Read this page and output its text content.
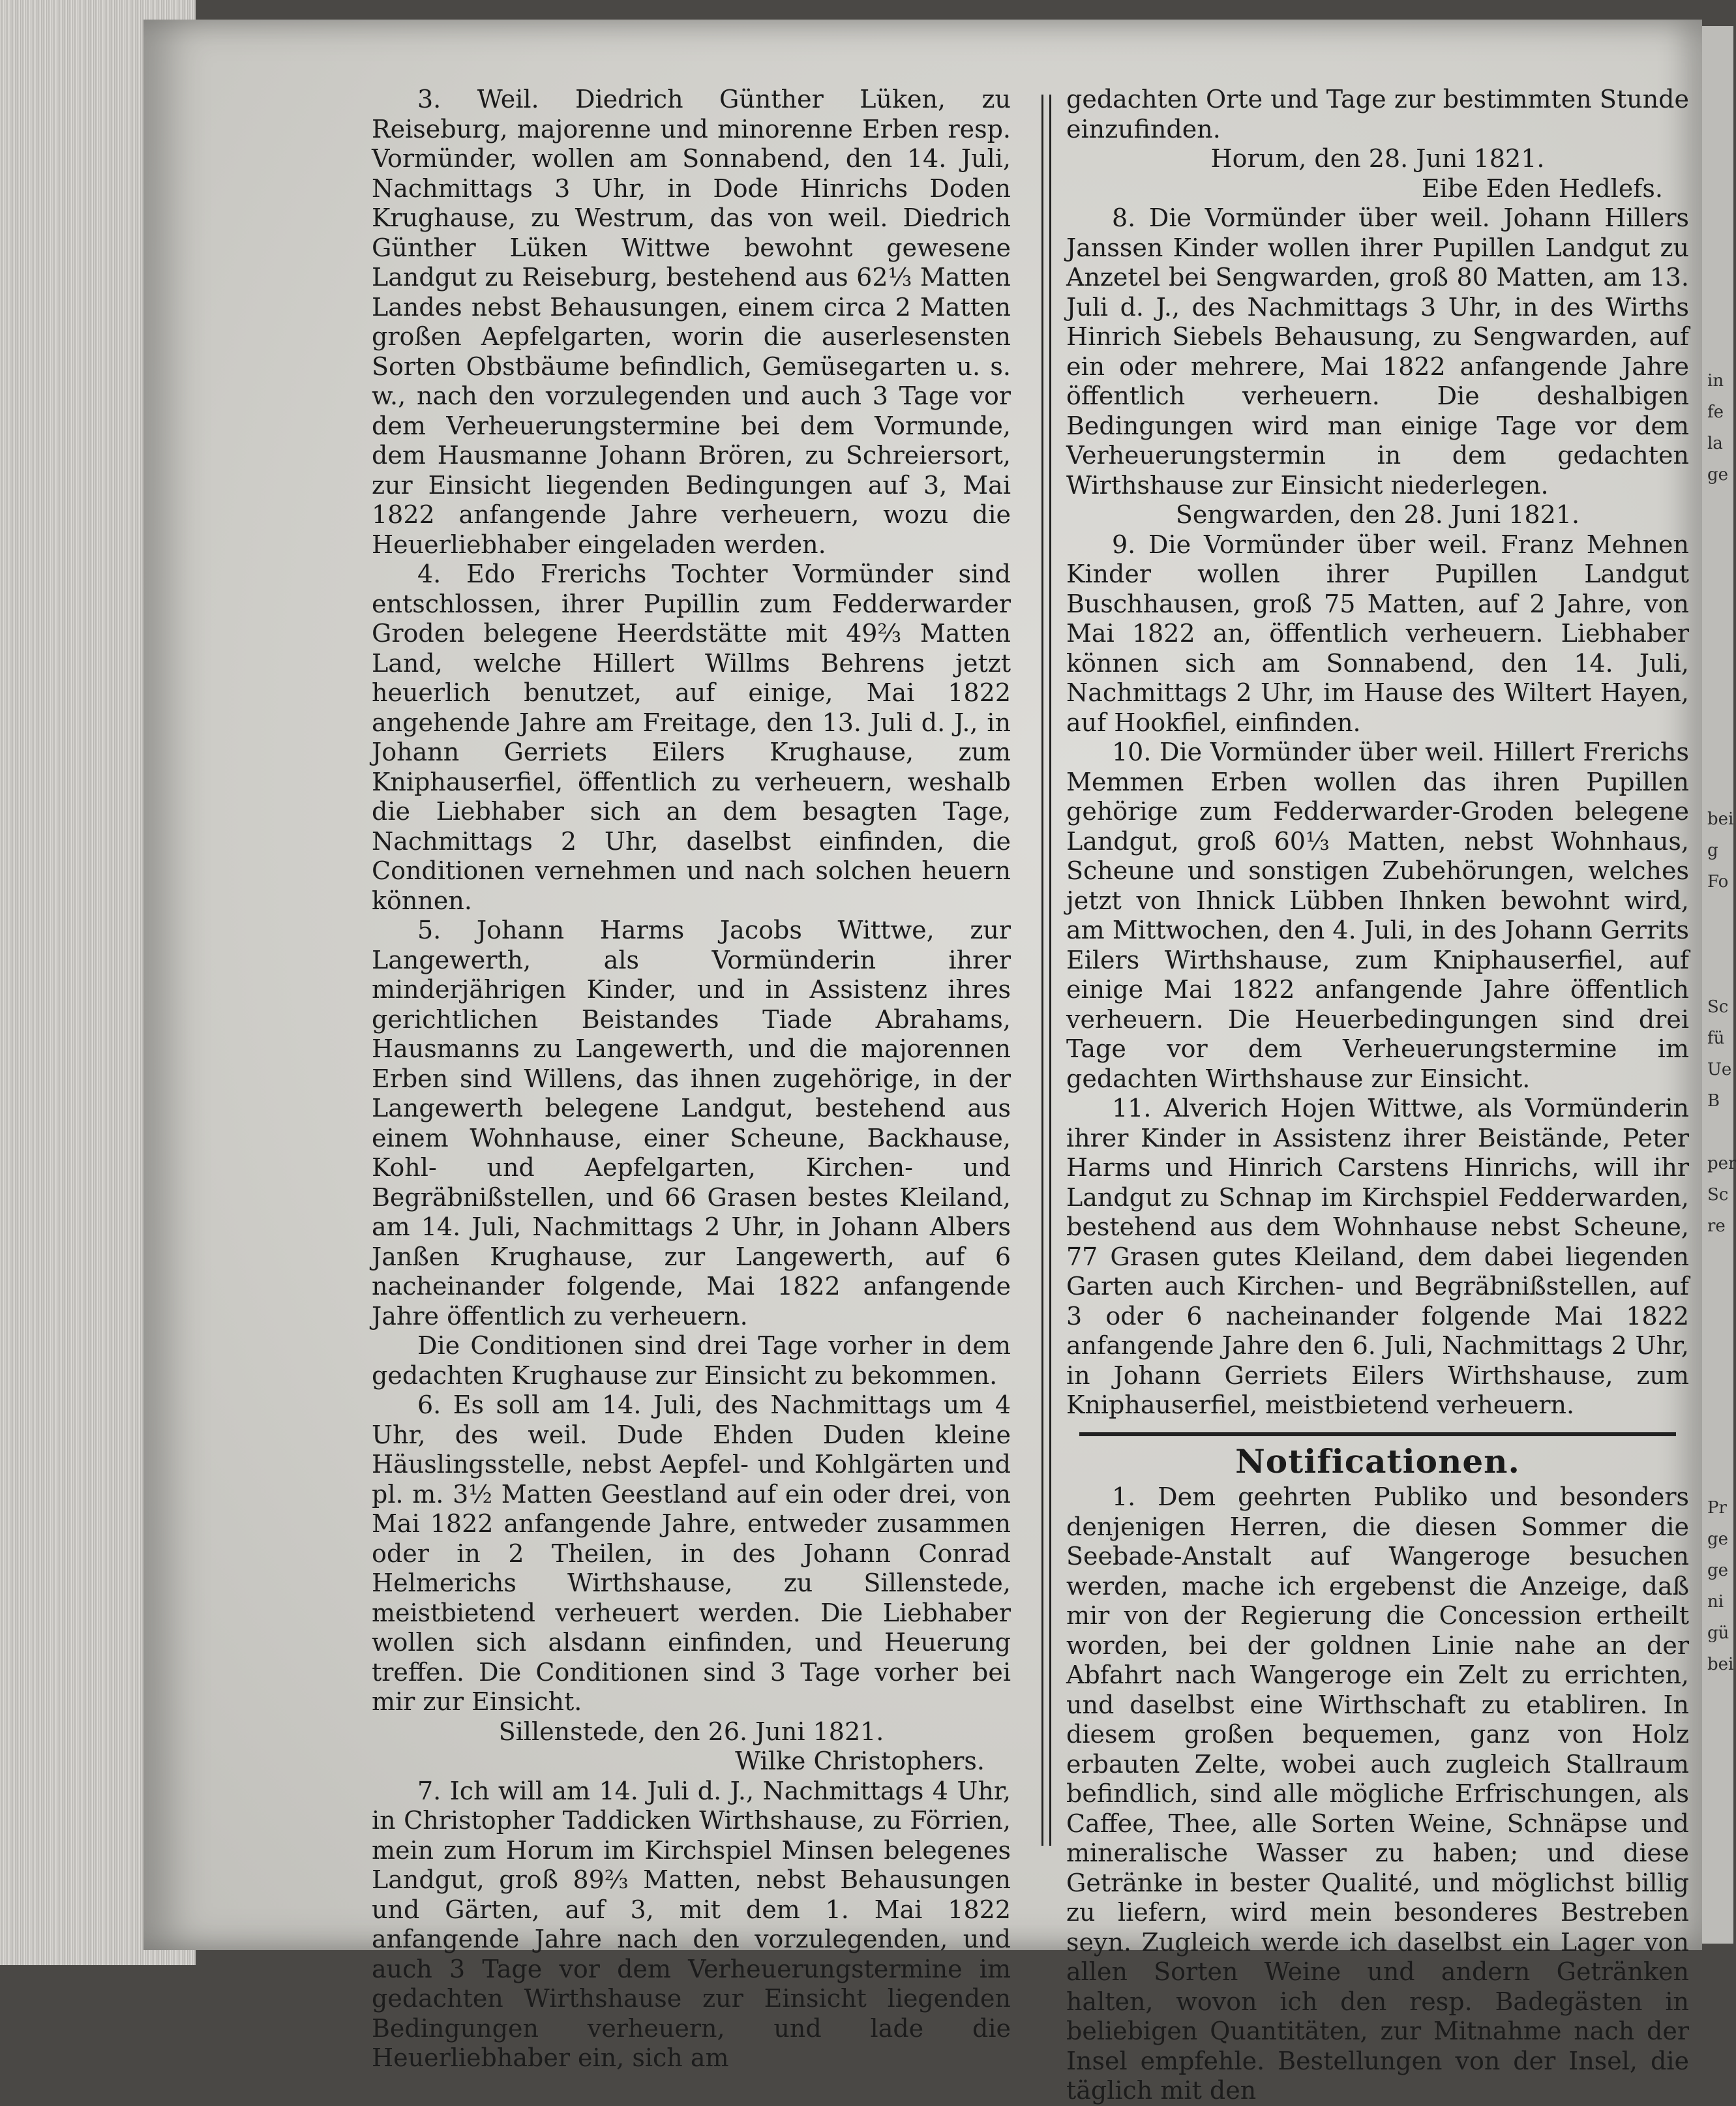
3. Weil. Diedrich Günther Lüken, zu Reiseburg, majorenne und minorenne Erben resp. Vormünder, wollen am Sonnabend, den 14. Juli, Nachmittags 3 Uhr, in Dode Hinrichs Doden Krughause, zu Westrum, das von weil. Diedrich Günther Lüken Wittwe bewohnt gewesene Landgut zu Reiseburg, bestehend aus 62⅓ Matten Landes nebst Behausungen, einem circa 2 Matten großen Aepfelgarten, worin die auserlesensten Sorten Obstbäume befindlich, Gemüsegarten u. s. w., nach den vorzulegenden und auch 3 Tage vor dem Verheuerungstermine bei dem Vormunde, dem Hausmanne Johann Brören, zu Schreiersort, zur Einsicht liegenden Bedingungen auf 3, Mai 1822 anfangende Jahre verheuern, wozu die Heuerliebhaber eingeladen werden.

4. Edo Frerichs Tochter Vormünder sind entschlossen, ihrer Pupillin zum Fedderwarder Groden belegene Heerdstätte mit 49⅔ Matten Land, welche Hillert Willms Behrens jetzt heuerlich benutzet, auf einige, Mai 1822 angehende Jahre am Freitage, den 13. Juli d. J., in Johann Gerriets Eilers Krughause, zum Kniphauserfiel, öffentlich zu verheuern, weshalb die Liebhaber sich an dem besagten Tage, Nachmittags 2 Uhr, daselbst einfinden, die Conditionen vernehmen und nach solchen heuern können.

5. Johann Harms Jacobs Wittwe, zur Langewerth, als Vormünderin ihrer minderjährigen Kinder, und in Assistenz ihres gerichtlichen Beistandes Tiade Abrahams, Hausmanns zu Langewerth, und die majorennen Erben sind Willens, das ihnen zugehörige, in der Langewerth belegene Landgut, bestehend aus einem Wohnhause, einer Scheune, Backhause, Kohl- und Aepfelgarten, Kirchen- und Begräbnißstellen, und 66 Grasen bestes Kleiland, am 14. Juli, Nachmittags 2 Uhr, in Johann Albers Janßen Krughause, zur Langewerth, auf 6 nacheinander folgende, Mai 1822 anfangende Jahre öffentlich zu verheuern.

Die Conditionen sind drei Tage vorher in dem gedachten Krughause zur Einsicht zu bekommen.

6. Es soll am 14. Juli, des Nachmittags um 4 Uhr, des weil. Dude Ehden Duden kleine Häuslingsstelle, nebst Aepfel- und Kohlgärten und pl. m. 3½ Matten Geestland auf ein oder drei, von Mai 1822 anfangende Jahre, entweder zusammen oder in 2 Theilen, in des Johann Conrad Helmerichs Wirthshause, zu Sillenstede, meistbietend verheuert werden. Die Liebhaber wollen sich alsdann einfinden, und Heuerung treffen. Die Conditionen sind 3 Tage vorher bei mir zur Einsicht.

Sillenstede, den 26. Juni 1821.

Wilke Christophers.

7. Ich will am 14. Juli d. J., Nachmittags 4 Uhr, in Christopher Taddicken Wirthshause, zu Förrien, mein zum Horum im Kirchspiel Minsen belegenes Landgut, groß 89⅔ Matten, nebst Behausungen und Gärten, auf 3, mit dem 1. Mai 1822 anfangende Jahre nach den vorzulegenden, und auch 3 Tage vor dem Verheuerungstermine im gedachten Wirthshause zur Einsicht liegenden Bedingungen verheuern, und lade die Heuerliebhaber ein, sich am

gedachten Orte und Tage zur bestimmten Stunde einzufinden.

Horum, den 28. Juni 1821.

Eibe Eden Hedlefs.

8. Die Vormünder über weil. Johann Hillers Janssen Kinder wollen ihrer Pupillen Landgut zu Anzetel bei Sengwarden, groß 80 Matten, am 13. Juli d. J., des Nachmittags 3 Uhr, in des Wirths Hinrich Siebels Behausung, zu Sengwarden, auf ein oder mehrere, Mai 1822 anfangende Jahre öffentlich verheuern. Die deshalbigen Bedingungen wird man einige Tage vor dem Verheuerungstermin in dem gedachten Wirthshause zur Einsicht niederlegen.

Sengwarden, den 28. Juni 1821.

9. Die Vormünder über weil. Franz Mehnen Kinder wollen ihrer Pupillen Landgut Buschhausen, groß 75 Matten, auf 2 Jahre, von Mai 1822 an, öffentlich verheuern. Liebhaber können sich am Sonnabend, den 14. Juli, Nachmittags 2 Uhr, im Hause des Wiltert Hayen, auf Hookfiel, einfinden.

10. Die Vormünder über weil. Hillert Frerichs Memmen Erben wollen das ihren Pupillen gehörige zum Fedderwarder-Groden belegene Landgut, groß 60⅓ Matten, nebst Wohnhaus, Scheune und sonstigen Zubehörungen, welches jetzt von Ihnick Lübben Ihnken bewohnt wird, am Mittwochen, den 4. Juli, in des Johann Gerrits Eilers Wirthshause, zum Kniphauserfiel, auf einige Mai 1822 anfangende Jahre öffentlich verheuern. Die Heuerbedingungen sind drei Tage vor dem Verheuerungstermine im gedachten Wirthshause zur Einsicht.

11. Alverich Hojen Wittwe, als Vormünderin ihrer Kinder in Assistenz ihrer Beistände, Peter Harms und Hinrich Carstens Hinrichs, will ihr Landgut zu Schnap im Kirchspiel Fedderwarden, bestehend aus dem Wohnhause nebst Scheune, 77 Grasen gutes Kleiland, dem dabei liegenden Garten auch Kirchen- und Begräbnißstellen, auf 3 oder 6 nacheinander folgende Mai 1822 anfangende Jahre den 6. Juli, Nachmittags 2 Uhr, in Johann Gerriets Eilers Wirthshause, zum Kniphauserfiel, meistbietend verheuern.

Notificationen.

1. Dem geehrten Publiko und besonders denjenigen Herren, die diesen Sommer die Seebade-Anstalt auf Wangeroge besuchen werden, mache ich ergebenst die Anzeige, daß mir von der Regierung die Concession ertheilt worden, bei der goldnen Linie nahe an der Abfahrt nach Wangeroge ein Zelt zu errichten, und daselbst eine Wirthschaft zu etabliren. In diesem großen bequemen, ganz von Holz erbauten Zelte, wobei auch zugleich Stallraum befindlich, sind alle mögliche Erfrischungen, als Caffee, Thee, alle Sorten Weine, Schnäpse und mineralische Wasser zu haben; und diese Getränke in bester Qualité, und möglichst billig zu liefern, wird mein besonderes Bestreben seyn. Zugleich werde ich daselbst ein Lager von allen Sorten Weine und andern Getränken halten, wovon ich den resp. Badegästen in beliebigen Quantitäten, zur Mitnahme nach der Insel empfehle. Bestellungen von der Insel, die täglich mit den

in
fe
la
ge
bei
g
Fo
Sc
fü
Ue
B
per
Sc
re
Pr
ge
ge
ni
gü
bei
